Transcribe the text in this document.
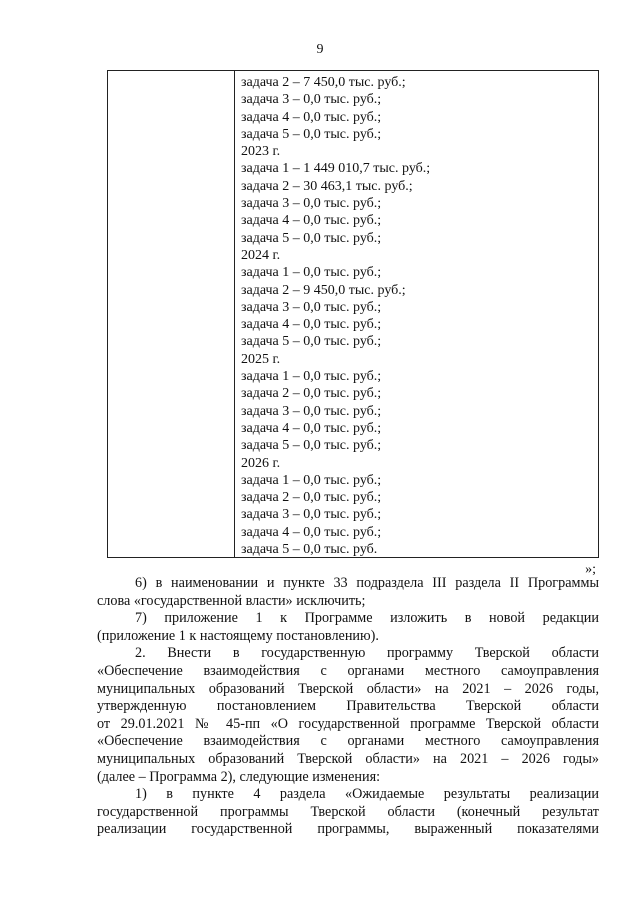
9
задача 2 – 7 450,0 тыс. руб.;
задача 3 – 0,0 тыс. руб.;
задача 4 – 0,0 тыс. руб.;
задача 5 – 0,0 тыс. руб.;
2023 г.
задача 1 – 1 449 010,7 тыс. руб.;
задача 2 – 30 463,1 тыс. руб.;
задача 3 – 0,0 тыс. руб.;
задача 4 – 0,0 тыс. руб.;
задача 5 – 0,0 тыс. руб.;
2024 г.
задача 1 – 0,0 тыс. руб.;
задача 2 – 9 450,0 тыс. руб.;
задача 3 – 0,0 тыс. руб.;
задача 4 – 0,0 тыс. руб.;
задача 5 – 0,0 тыс. руб.;
2025 г.
задача 1 – 0,0 тыс. руб.;
задача 2 – 0,0 тыс. руб.;
задача 3 – 0,0 тыс. руб.;
задача 4 – 0,0 тыс. руб.;
задача 5 – 0,0 тыс. руб.;
2026 г.
задача 1 – 0,0 тыс. руб.;
задача 2 – 0,0 тыс. руб.;
задача 3 – 0,0 тыс. руб.;
задача 4 – 0,0 тыс. руб.;
задача 5 – 0,0 тыс. руб.
»;
6) в наименовании и пункте 33 подраздела III раздела II Программы
слова «государственной власти» исключить;
7) приложение 1 к Программе изложить в новой редакции
(приложение 1 к настоящему постановлению).
2. Внести в государственную программу Тверской области
«Обеспечение взаимодействия с органами местного самоуправления
муниципальных образований Тверской области» на 2021 – 2026 годы,
утвержденную постановлением Правительства Тверской области
от 29.01.2021 № 45-пп «О государственной программе Тверской области
«Обеспечение взаимодействия с органами местного самоуправления
муниципальных образований Тверской области» на 2021 – 2026 годы»
(далее – Программа 2), следующие изменения:
1) в пункте 4 раздела «Ожидаемые результаты реализации
государственной программы Тверской области (конечный результат
реализации государственной программы, выраженный показателями
